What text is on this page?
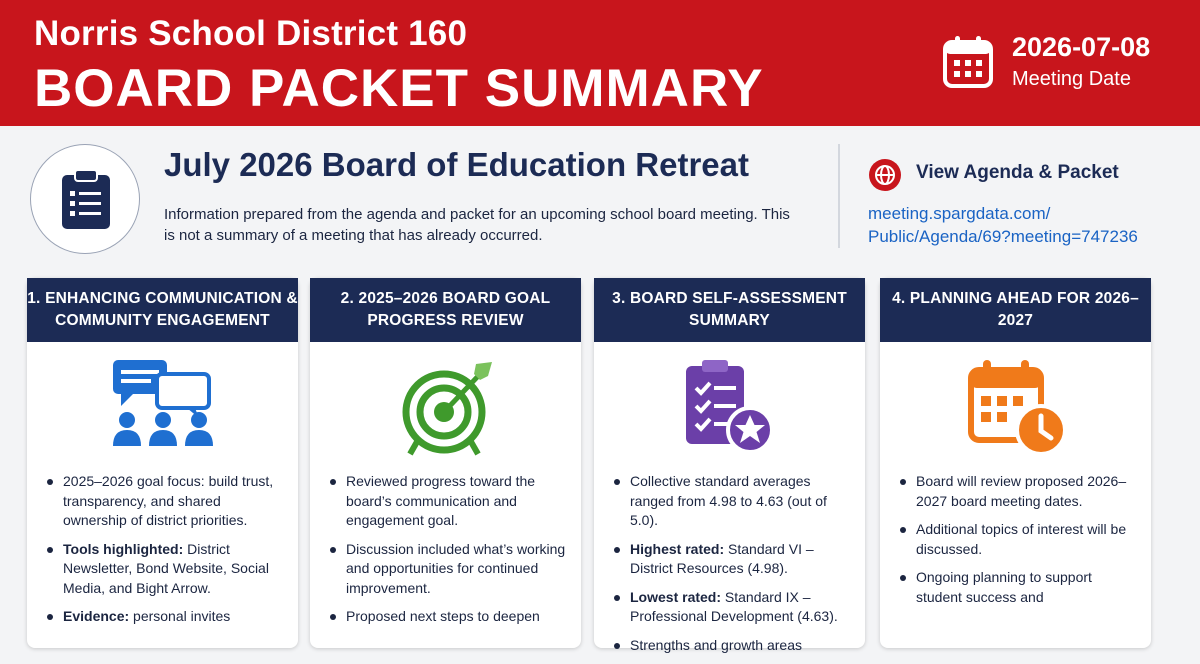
Norris School District 160
BOARD PACKET SUMMARY
2026-07-08
Meeting Date
July 2026 Board of Education Retreat
Information prepared from the agenda and packet for an upcoming school board meeting. This is not a summary of a meeting that has already occurred.
View Agenda & Packet
meeting.spargdata.com/ Public/Agenda/69?meeting=747236
1. ENHANCING COMMUNICATION & COMMUNITY ENGAGEMENT
2025–2026 goal focus: build trust, transparency, and shared ownership of district priorities.
Tools highlighted: District Newsletter, Bond Website, Social Media, and Bight Arrow.
Evidence: personal invites
2. 2025–2026 BOARD GOAL PROGRESS REVIEW
Reviewed progress toward the board’s communication and engagement goal.
Discussion included what’s working and opportunities for continued improvement.
Proposed next steps to deepen
3. BOARD SELF-ASSESSMENT SUMMARY
Collective standard averages ranged from 4.98 to 4.63 (out of 5.0).
Highest rated: Standard VI – District Resources (4.98).
Lowest rated: Standard IX – Professional Development (4.63).
Strengths and growth areas
4. PLANNING AHEAD FOR 2026–2027
Board will review proposed 2026–2027 board meeting dates.
Additional topics of interest will be discussed.
Ongoing planning to support student success and
